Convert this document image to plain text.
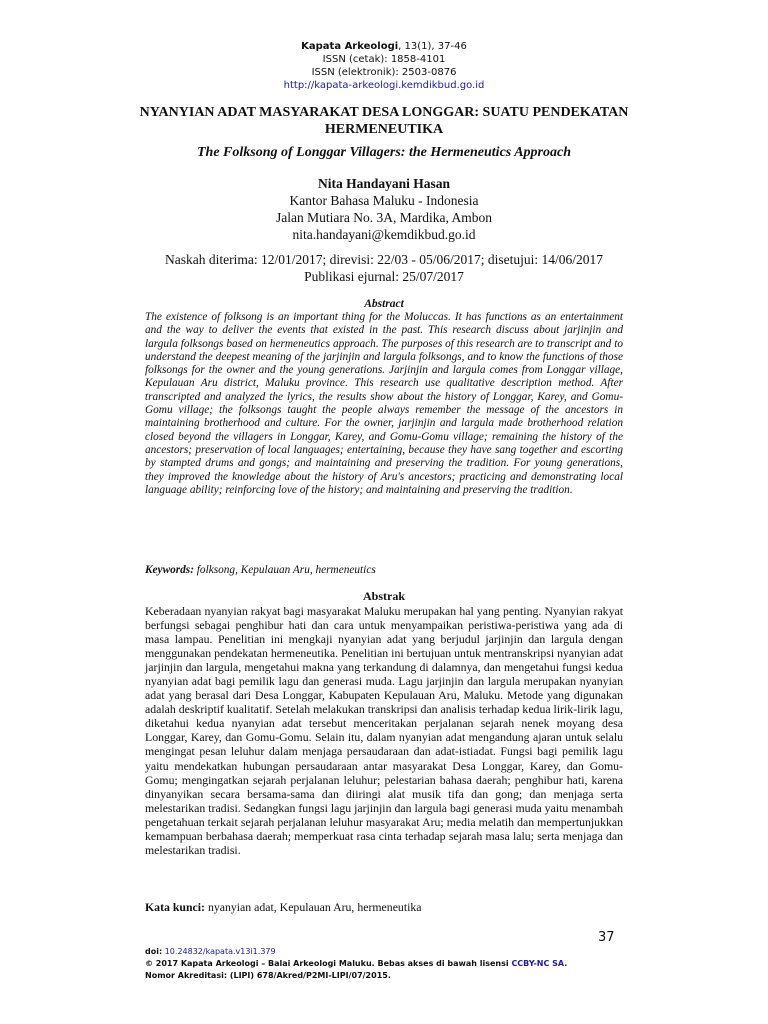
Kapata Arkeologi, 13(1), 37-46
ISSN (cetak): 1858-4101
ISSN (elektronik): 2503-0876
http://kapata-arkeologi.kemdikbud.go.id
NYANYIAN ADAT MASYARAKAT DESA LONGGAR: SUATU PENDEKATAN HERMENEUTIKA
The Folksong of Longgar Villagers: the Hermeneutics Approach
Nita Handayani Hasan
Kantor Bahasa Maluku - Indonesia
Jalan Mutiara No. 3A, Mardika, Ambon
nita.handayani@kemdikbud.go.id
Naskah diterima: 12/01/2017; direvisi: 22/03 - 05/06/2017; disetujui: 14/06/2017
Publikasi ejurnal: 25/07/2017
Abstract

The existence of folksong is an important thing for the Moluccas. It has functions as an entertainment and the way to deliver the events that existed in the past. This research discuss about jarjinjin and largula folksongs based on hermeneutics approach. The purposes of this research are to transcript and to understand the deepest meaning of the jarjinjin and largula folksongs, and to know the functions of those folksongs for the owner and the young generations. Jarjinjin and largula comes from Longgar village, Kepulauan Aru district, Maluku province. This research use qualitative description method. After transcripted and analyzed the lyrics, the results show about the history of Longgar, Karey, and Gomu-Gomu village; the folksongs taught the people always remember the message of the ancestors in maintaining brotherhood and culture. For the owner, jarjinjin and largula made brotherhood relation closed beyond the villagers in Longgar, Karey, and Gomu-Gomu village; remaining the history of the ancestors; preservation of local languages; entertaining, because they have sang together and escorting by stampted drums and gongs; and maintaining and preserving the tradition. For young generations, they improved the knowledge about the history of Aru's ancestors; practicing and demonstrating local language ability; reinforcing love of the history; and maintaining and preserving the tradition.

Keywords: folksong, Kepulauan Aru, hermeneutics

Abstrak

Keberadaan nyanyian rakyat bagi masyarakat Maluku merupakan hal yang penting. Nyanyian rakyat berfungsi sebagai penghibur hati dan cara untuk menyampaikan peristiwa-peristiwa yang ada di masa lampau. Penelitian ini mengkaji nyanyian adat yang berjudul jarjinjin dan largula dengan menggunakan pendekatan hermeneutika. Penelitian ini bertujuan untuk mentranskripsi nyanyian adat jarjinjin dan largula, mengetahui makna yang terkandung di dalamnya, dan mengetahui fungsi kedua nyanyian adat bagi pemilik lagu dan generasi muda. Lagu jarjinjin dan largula merupakan nyanyian adat yang berasal dari Desa Longgar, Kabupaten Kepulauan Aru, Maluku. Metode yang digunakan adalah deskriptif kualitatif. Setelah melakukan transkripsi dan analisis terhadap kedua lirik-lirik lagu, diketahui kedua nyanyian adat tersebut menceritakan perjalanan sejarah nenek moyang desa Longgar, Karey, dan Gomu-Gomu. Selain itu, dalam nyanyian adat mengandung ajaran untuk selalu mengingat pesan leluhur dalam menjaga persaudaraan dan adat-istiadat. Fungsi bagi pemilik lagu yaitu mendekatkan hubungan persaudaraan antar masyarakat Desa Longgar, Karey, dan Gomu-Gomu; mengingatkan sejarah perjalanan leluhur; pelestarian bahasa daerah; penghibur hati, karena dinyanyikan secara bersama-sama dan diiringi alat musik tifa dan gong; dan menjaga serta melestarikan tradisi. Sedangkan fungsi lagu jarjinjin dan largula bagi generasi muda yaitu menambah pengetahuan terkait sejarah perjalanan leluhur masyarakat Aru; media melatih dan mempertunjukkan kemampuan berbahasa daerah; memperkuat rasa cinta terhadap sejarah masa lalu; serta menjaga dan melestarikan tradisi.

Kata kunci: nyanyian adat, Kepulauan Aru, hermeneutika

37
doi: 10.24832/kapata.v13i1.379
© 2017 Kapata Arkeologi – Balai Arkeologi Maluku. Bebas akses di bawah lisensi CCBY-NC SA.
Nomor Akreditasi: (LIPI) 678/Akred/P2MI-LIPI/07/2015.
